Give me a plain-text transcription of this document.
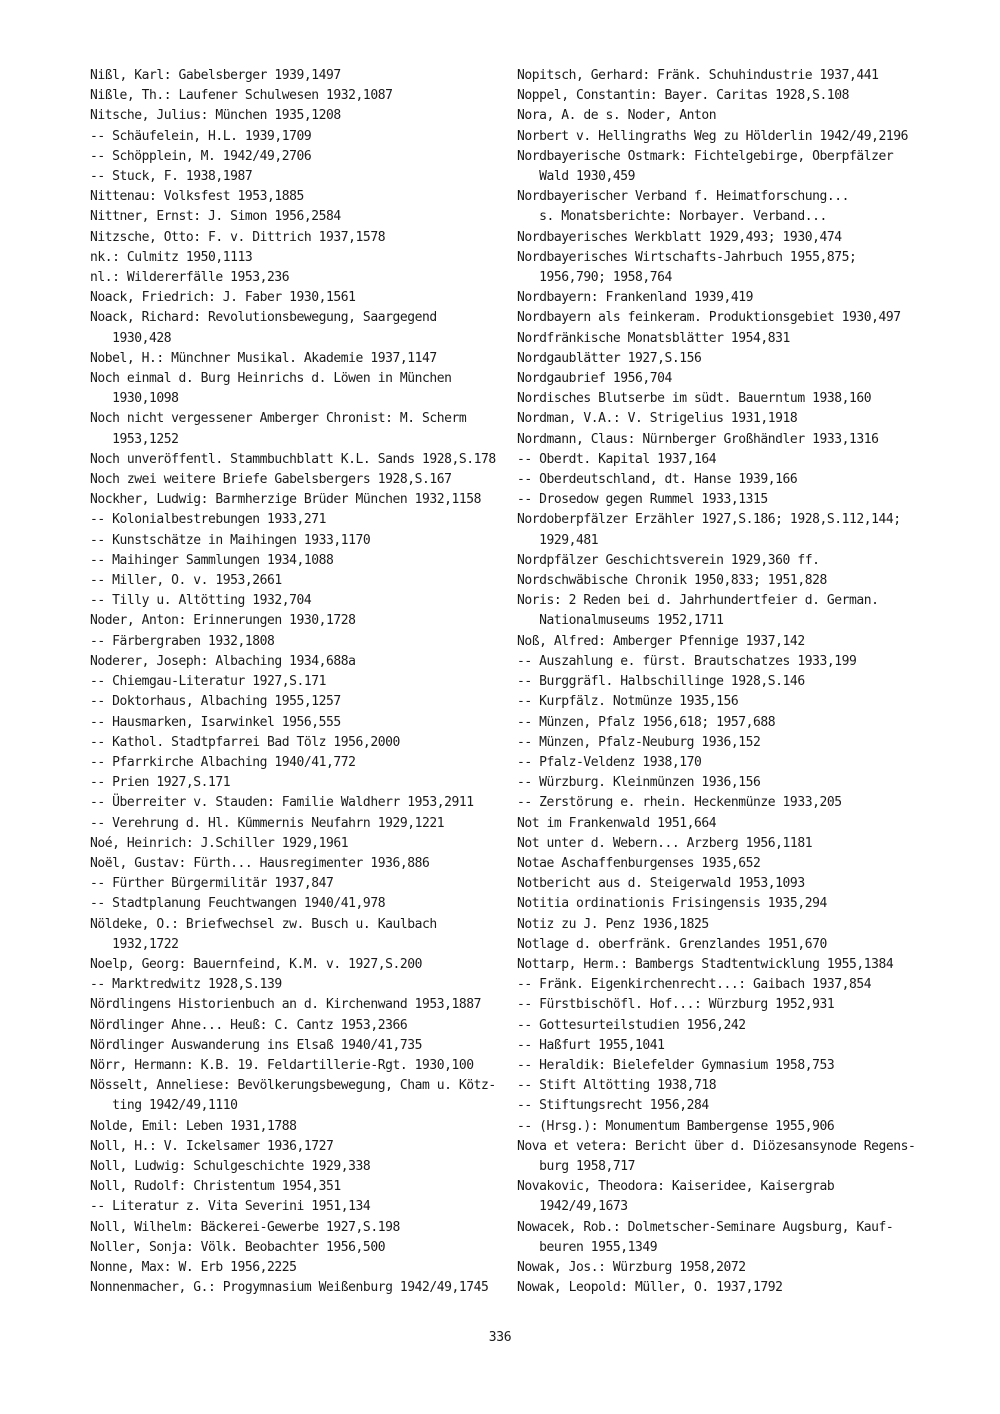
Nißl, Karl: Gabelsberger 1939,1497
Nißle, Th.: Laufener Schulwesen 1932,1087
Nitsche, Julius: München 1935,1208
-- Schäufelein, H.L. 1939,1709
-- Schöpplein, M. 1942/49,2706
-- Stuck, F. 1938,1987
Nittenau: Volksfest 1953,1885
Nittner, Ernst: J. Simon 1956,2584
Nitzsche, Otto: F. v. Dittrich 1937,1578
nk.: Culmitz 1950,1113
nl.: Wildererfälle 1953,236
Noack, Friedrich: J. Faber 1930,1561
Noack, Richard: Revolutionsbewegung, Saargegend
1930,428
Nobel, H.: Münchner Musikal. Akademie 1937,1147
Noch einmal d. Burg Heinrichs d. Löwen in München
1930,1098
Noch nicht vergessener Amberger Chronist: M. Scherm
1953,1252
Noch unveröffentl. Stammbuchblatt K.L. Sands 1928,S.178
Noch zwei weitere Briefe Gabelsbergers 1928,S.167
Nockher, Ludwig: Barmherzige Brüder München 1932,1158
-- Kolonialbestrebungen 1933,271
-- Kunstschätze in Maihingen 1933,1170
-- Maihinger Sammlungen 1934,1088
-- Miller, O. v. 1953,2661
-- Tilly u. Altötting 1932,704
Noder, Anton: Erinnerungen 1930,1728
-- Färbergraben 1932,1808
Noderer, Joseph: Albaching 1934,688a
-- Chiemgau-Literatur 1927,S.171
-- Doktorhaus, Albaching 1955,1257
-- Hausmarken, Isarwinkel 1956,555
-- Kathol. Stadtpfarrei Bad Tölz 1956,2000
-- Pfarrkirche Albaching 1940/41,772
-- Prien 1927,S.171
-- Überreiter v. Stauden: Familie Waldherr 1953,2911
-- Verehrung d. Hl. Kümmernis Neufahrn 1929,1221
Noé, Heinrich: J.Schiller 1929,1961
Noël, Gustav: Fürth... Hausregimenter 1936,886
-- Fürther Bürgermilitär 1937,847
-- Stadtplanung Feuchtwangen 1940/41,978
Nöldeke, O.: Briefwechsel zw. Busch u. Kaulbach
1932,1722
Noelp, Georg: Bauernfeind, K.M. v. 1927,S.200
-- Marktredwitz 1928,S.139
Nördlingens Historienbuch an d. Kirchenwand 1953,1887
Nördlinger Ahne... Heuß: C. Cantz 1953,2366
Nördlinger Auswanderung ins Elsaß 1940/41,735
Nörr, Hermann: K.B. 19. Feldartillerie-Rgt. 1930,100
Nösselt, Anneliese: Bevölkerungsbewegung, Cham u. Kötz-
ting 1942/49,1110
Nolde, Emil: Leben 1931,1788
Noll, H.: V. Ickelsamer 1936,1727
Noll, Ludwig: Schulgeschichte 1929,338
Noll, Rudolf: Christentum 1954,351
-- Literatur z. Vita Severini 1951,134
Noll, Wilhelm: Bäckerei-Gewerbe 1927,S.198
Noller, Sonja: Völk. Beobachter 1956,500
Nonne, Max: W. Erb 1956,2225
Nonnenmacher, G.: Progymnasium Weißenburg 1942/49,1745
Nopitsch, Gerhard: Fränk. Schuhindustrie 1937,441
Noppel, Constantin: Bayer. Caritas 1928,S.108
Nora, A. de s. Noder, Anton
Norbert v. Hellingraths Weg zu Hölderlin 1942/49,2196
Nordbayerische Ostmark: Fichtelgebirge, Oberpfälzer
Wald 1930,459
Nordbayerischer Verband f. Heimatforschung...
s. Monatsberichte: Norbayer. Verband...
Nordbayerisches Werkblatt 1929,493; 1930,474
Nordbayerisches Wirtschafts-Jahrbuch 1955,875;
1956,790; 1958,764
Nordbayern: Frankenland 1939,419
Nordbayern als feinkeram. Produktionsgebiet 1930,497
Nordfränkische Monatsblätter 1954,831
Nordgaublätter 1927,S.156
Nordgaubrief 1956,704
Nordisches Blutserbe im südt. Bauerntum 1938,160
Nordman, V.A.: V. Strigelius 1931,1918
Nordmann, Claus: Nürnberger Großhändler 1933,1316
-- Oberdt. Kapital 1937,164
-- Oberdeutschland, dt. Hanse 1939,166
-- Drosedow gegen Rummel 1933,1315
Nordoberpfälzer Erzähler 1927,S.186; 1928,S.112,144;
1929,481
Nordpfälzer Geschichtsverein 1929,360 ff.
Nordschwäbische Chronik 1950,833; 1951,828
Noris: 2 Reden bei d. Jahrhundertfeier d. German.
Nationalmuseums 1952,1711
Noß, Alfred: Amberger Pfennige 1937,142
-- Auszahlung e. fürst. Brautschatzes 1933,199
-- Burggräfl. Halbschillinge 1928,S.146
-- Kurpfälz. Notmünze 1935,156
-- Münzen, Pfalz 1956,618; 1957,688
-- Münzen, Pfalz-Neuburg 1936,152
-- Pfalz-Veldenz 1938,170
-- Würzburg. Kleinmünzen 1936,156
-- Zerstörung e. rhein. Heckenmünze 1933,205
Not im Frankenwald 1951,664
Not unter d. Webern... Arzberg 1956,1181
Notae Aschaffenburgenses 1935,652
Notbericht aus d. Steigerwald 1953,1093
Notitia ordinationis Frisingensis 1935,294
Notiz zu J. Penz 1936,1825
Notlage d. oberfränk. Grenzlandes 1951,670
Nottarp, Herm.: Bambergs Stadtentwicklung 1955,1384
-- Fränk. Eigenkirchenrecht...: Gaibach 1937,854
-- Fürstbischöfl. Hof...: Würzburg 1952,931
-- Gottesurteilstudien 1956,242
-- Haßfurt 1955,1041
-- Heraldik: Bielefelder Gymnasium 1958,753
-- Stift Altötting 1938,718
-- Stiftungsrecht 1956,284
-- (Hrsg.): Monumentum Bambergense 1955,906
Nova et vetera: Bericht über d. Diözesansynode Regens-
burg 1958,717
Novakovic, Theodora: Kaiseridee, Kaisergrab
1942/49,1673
Nowacek, Rob.: Dolmetscher-Seminare Augsburg, Kauf-
beuren 1955,1349
Nowak, Jos.: Würzburg 1958,2072
Nowak, Leopold: Müller, O. 1937,1792
336
